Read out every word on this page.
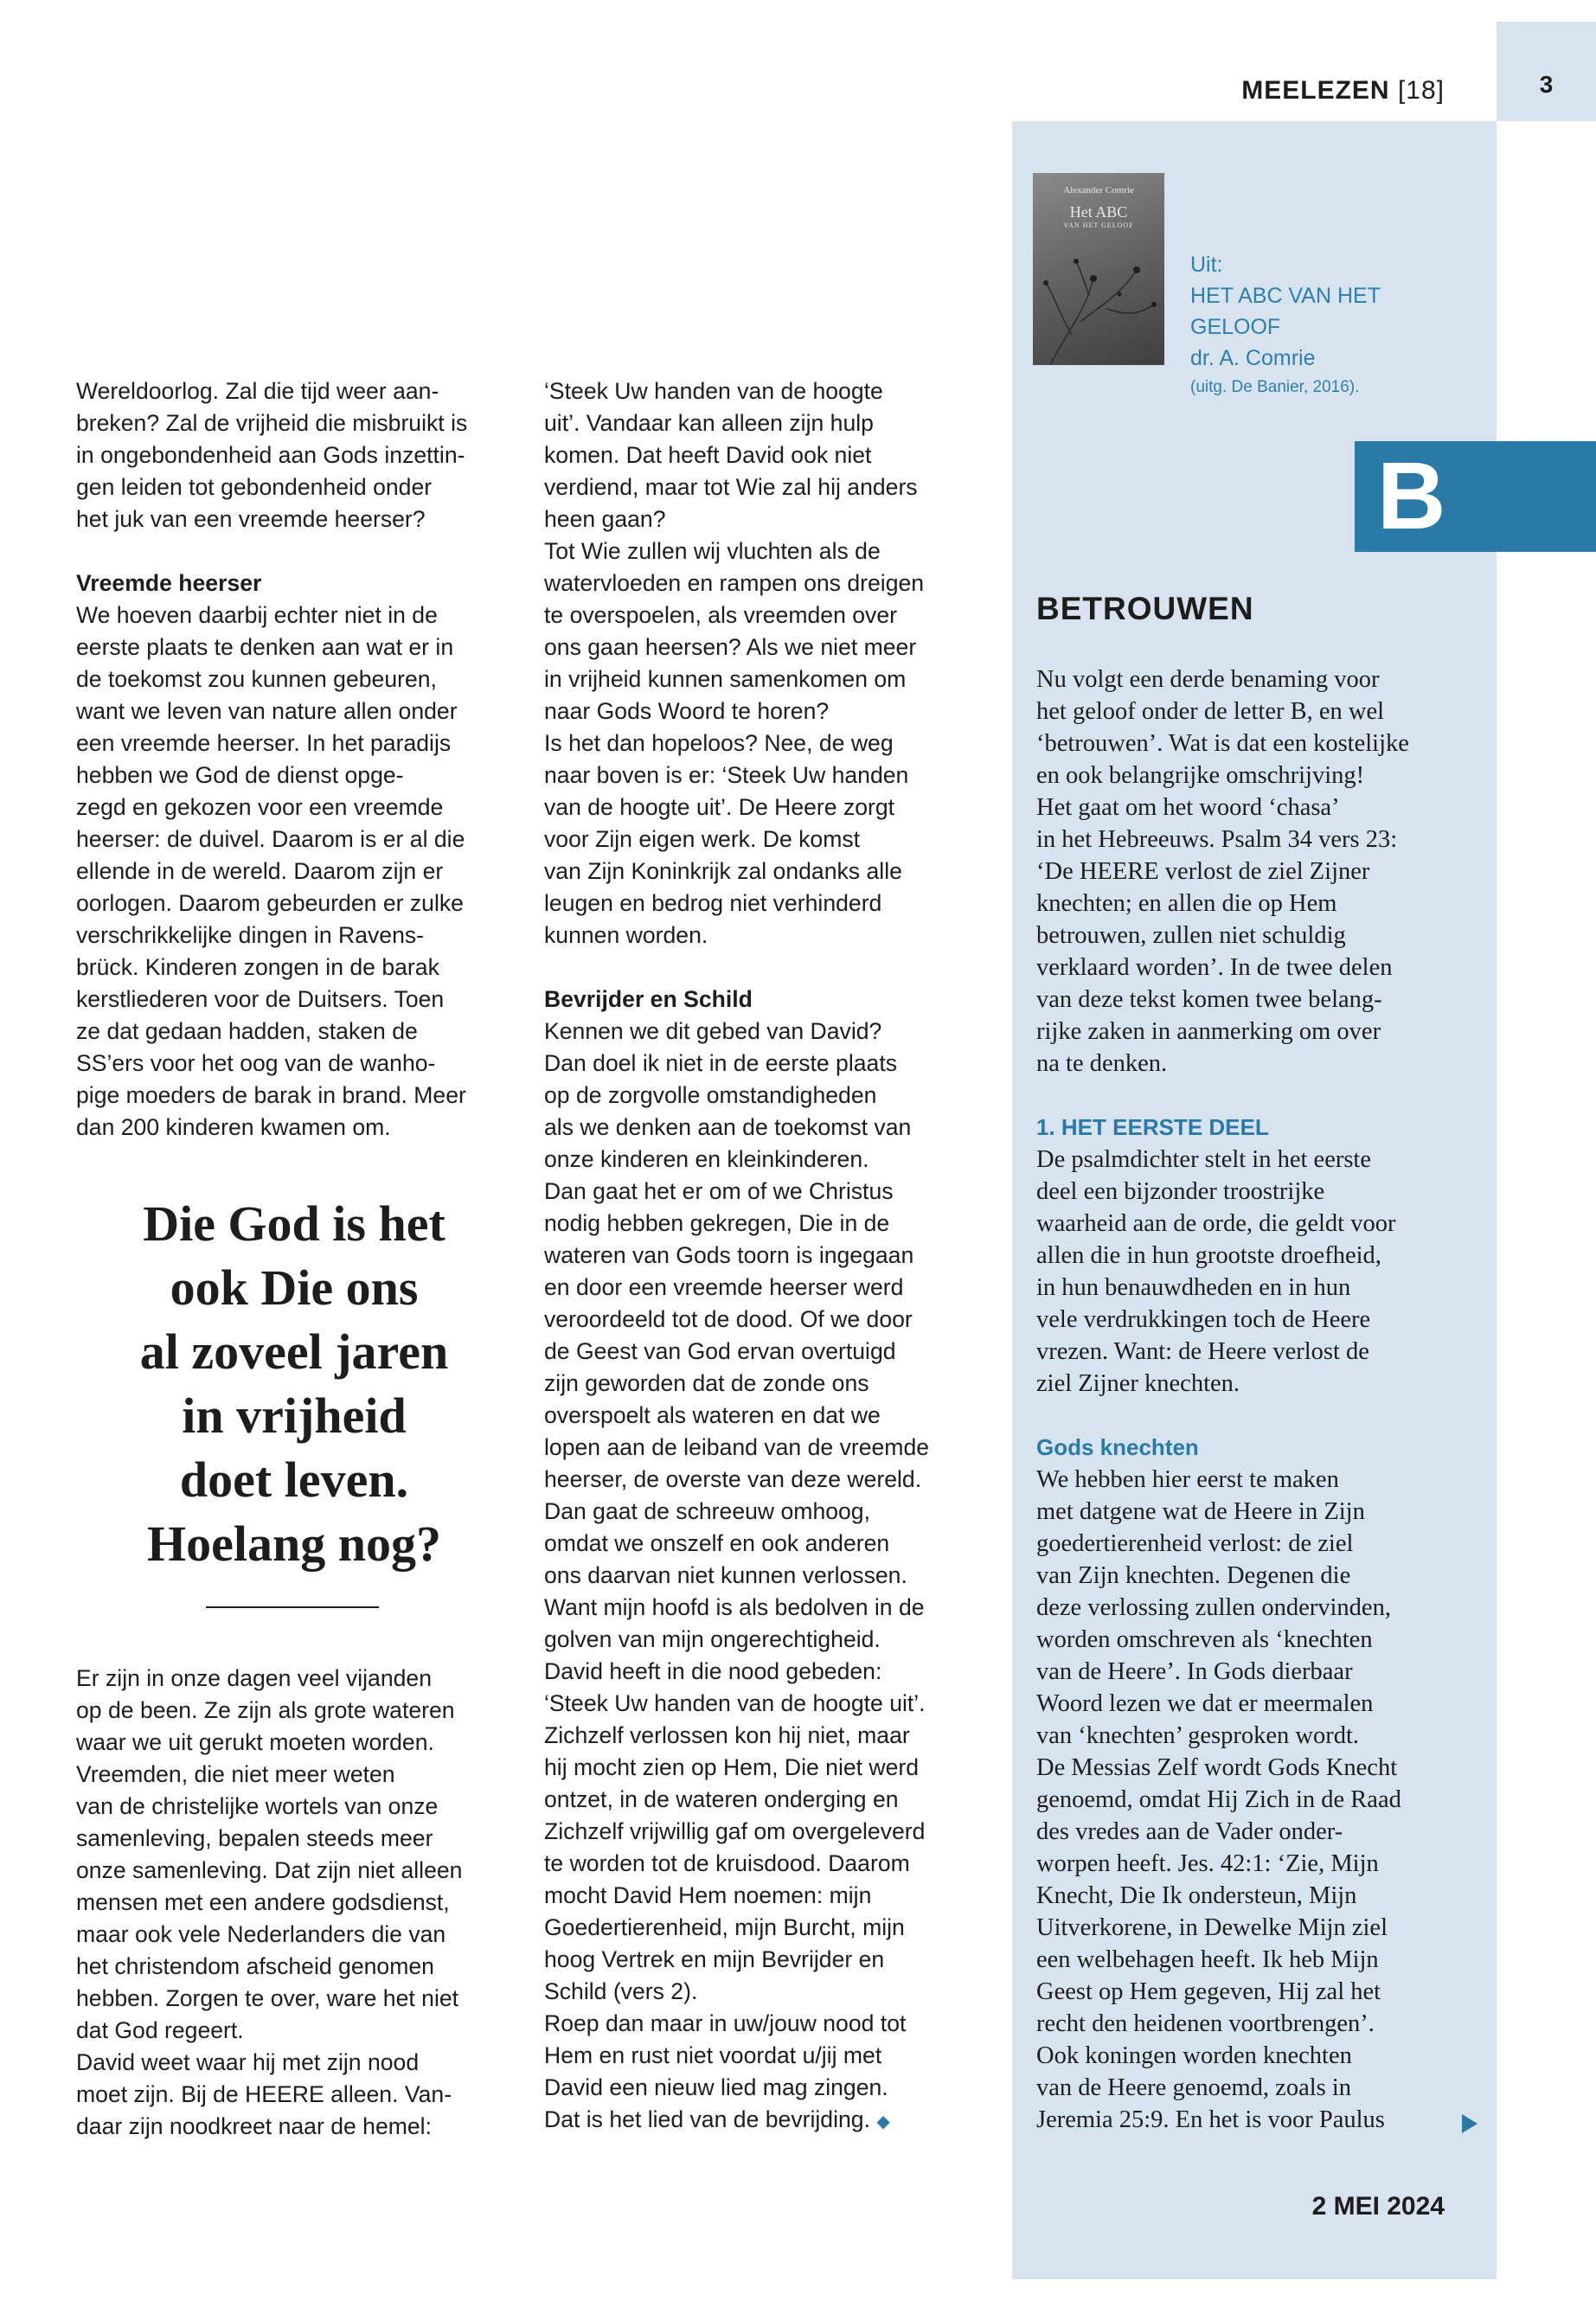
3
MEELEZEN [18]
Alexander Comrie
Het ABC
VAN HET GELOOF
Uit:
HET ABC VAN HET GELOOF
dr. A. Comrie
(uitg. De Banier, 2016).
B
BETROUWEN

Wereldoorlog. Zal die tijd weer aan-

breken? Zal de vrijheid die misbruikt is

in ongebondenheid aan Gods inzettin-

gen leiden tot gebondenheid onder

het juk van een vreemde heerser?

Vreemde heerser

We hoeven daarbij echter niet in de

eerste plaats te denken aan wat er in

de toekomst zou kunnen gebeuren,

want we leven van nature allen onder

een vreemde heerser. In het paradijs

hebben we God de dienst opge-

zegd en gekozen voor een vreemde

heerser: de duivel. Daarom is er al die

ellende in de wereld. Daarom zijn er

oorlogen. Daarom gebeurden er zulke

verschrikkelijke dingen in Ravens-

brück. Kinderen zongen in de barak

kerstliederen voor de Duitsers. Toen

ze dat gedaan hadden, staken de

SS’ers voor het oog van de wanho-

pige moeders de barak in brand. Meer

dan 200 kinderen kwamen om.

Die God is het
ook Die ons
al zoveel jaren
in vrijheid
doet leven.
Hoelang nog?

Er zijn in onze dagen veel vijanden

op de been. Ze zijn als grote wateren

waar we uit gerukt moeten worden.

Vreemden, die niet meer weten

van de christelijke wortels van onze

samenleving, bepalen steeds meer

onze samenleving. Dat zijn niet alleen

mensen met een andere godsdienst,

maar ook vele Nederlanders die van

het christendom afscheid genomen

hebben. Zorgen te over, ware het niet

dat God regeert.

David weet waar hij met zijn nood

moet zijn. Bij de HEERE alleen. Van-

daar zijn noodkreet naar de hemel:

‘Steek Uw handen van de hoogte

uit’. Vandaar kan alleen zijn hulp

komen. Dat heeft David ook niet

verdiend, maar tot Wie zal hij anders

heen gaan?

Tot Wie zullen wij vluchten als de

watervloeden en rampen ons dreigen

te overspoelen, als vreemden over

ons gaan heersen? Als we niet meer

in vrijheid kunnen samenkomen om

naar Gods Woord te horen?

Is het dan hopeloos? Nee, de weg

naar boven is er: ‘Steek Uw handen

van de hoogte uit’. De Heere zorgt

voor Zijn eigen werk. De komst

van Zijn Koninkrijk zal ondanks alle

leugen en bedrog niet verhinderd

kunnen worden.

Bevrijder en Schild

Kennen we dit gebed van David?

Dan doel ik niet in de eerste plaats

op de zorgvolle omstandigheden

als we denken aan de toekomst van

onze kinderen en kleinkinderen.

Dan gaat het er om of we Christus

nodig hebben gekregen, Die in de

wateren van Gods toorn is ingegaan

en door een vreemde heerser werd

veroordeeld tot de dood. Of we door

de Geest van God ervan overtuigd

zijn geworden dat de zonde ons

overspoelt als wateren en dat we

lopen aan de leiband van de vreemde

heerser, de overste van deze wereld.

Dan gaat de schreeuw omhoog,

omdat we onszelf en ook anderen

ons daarvan niet kunnen verlossen.

Want mijn hoofd is als bedolven in de

golven van mijn ongerechtigheid.

David heeft in die nood gebeden:

‘Steek Uw handen van de hoogte uit’.

Zichzelf verlossen kon hij niet, maar

hij mocht zien op Hem, Die niet werd

ontzet, in de wateren onderging en

Zichzelf vrijwillig gaf om overgeleverd

te worden tot de kruisdood. Daarom

mocht David Hem noemen: mijn

Goedertierenheid, mijn Burcht, mijn

hoog Vertrek en mijn Bevrijder en

Schild (vers 2).

Roep dan maar in uw/jouw nood tot

Hem en rust niet voordat u/jij met

David een nieuw lied mag zingen.

Dat is het lied van de bevrijding. ◆

Nu volgt een derde benaming voor

het geloof onder de letter B, en wel

‘betrouwen’. Wat is dat een kostelijke

en ook belangrijke omschrijving!

Het gaat om het woord ‘chasa’

in het Hebreeuws. Psalm 34 vers 23:

‘De HEERE verlost de ziel Zijner

knechten; en allen die op Hem

betrouwen, zullen niet schuldig

verklaard worden’. In de twee delen

van deze tekst komen twee belang-

rijke zaken in aanmerking om over

na te denken.

1. HET EERSTE DEEL

De psalmdichter stelt in het eerste

deel een bijzonder troostrijke

waarheid aan de orde, die geldt voor

allen die in hun grootste droefheid,

in hun benauwdheden en in hun

vele verdrukkingen toch de Heere

vrezen. Want: de Heere verlost de

ziel Zijner knechten.

Gods knechten

We hebben hier eerst te maken

met datgene wat de Heere in Zijn

goedertierenheid verlost: de ziel

van Zijn knechten. Degenen die

deze verlossing zullen ondervinden,

worden omschreven als ‘knechten

van de Heere’. In Gods dierbaar

Woord lezen we dat er meermalen

van ‘knechten’ gesproken wordt.

De Messias Zelf wordt Gods Knecht

genoemd, omdat Hij Zich in de Raad

des vredes aan de Vader onder-

worpen heeft. Jes. 42:1: ‘Zie, Mijn

Knecht, Die Ik ondersteun, Mijn

Uitverkorene, in Dewelke Mijn ziel

een welbehagen heeft. Ik heb Mijn

Geest op Hem gegeven, Hij zal het

recht den heidenen voortbrengen’.

Ook koningen worden knechten

van de Heere genoemd, zoals in

Jeremia 25:9. En het is voor Paulus

2 MEI 2024
